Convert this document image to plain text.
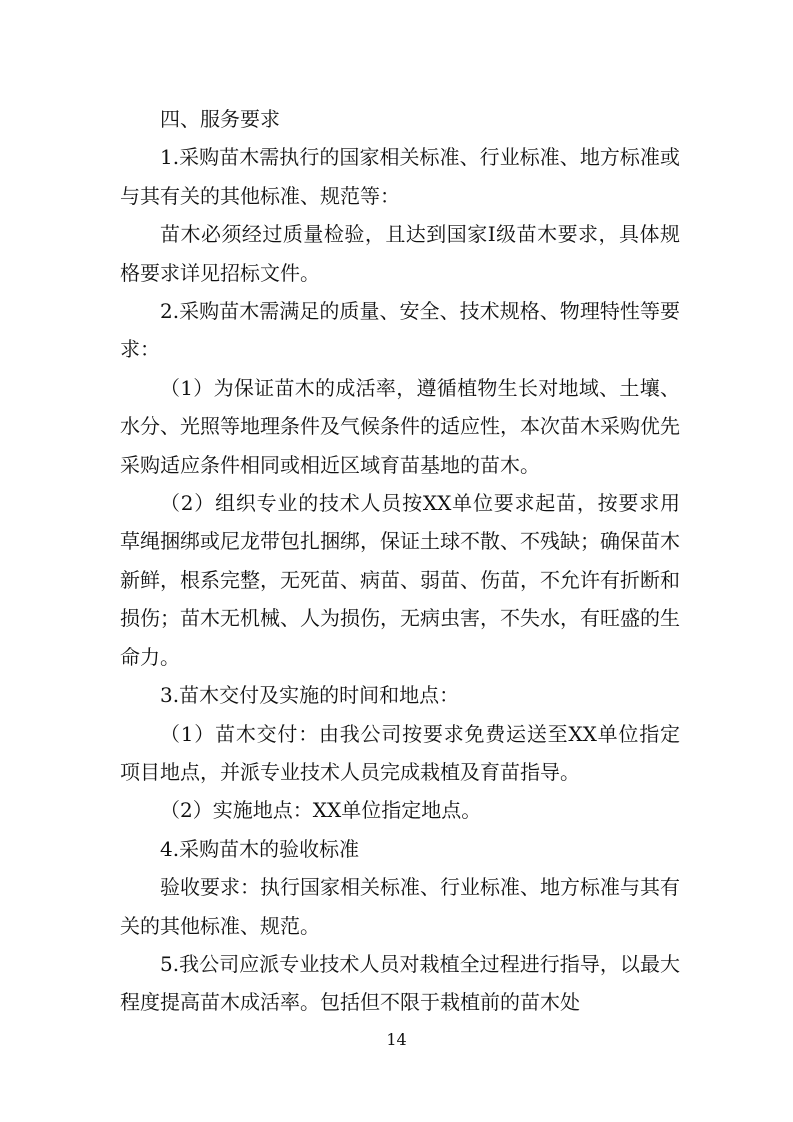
四、服务要求

1.采购苗木需执行的国家相关标准、行业标准、地方标准或与其有关的其他标准、规范等：

苗木必须经过质量检验，且达到国家Ⅰ级苗木要求，具体规格要求详见招标文件。

2.采购苗木需满足的质量、安全、技术规格、物理特性等要求：

（1）为保证苗木的成活率，遵循植物生长对地域、土壤、水分、光照等地理条件及气候条件的适应性，本次苗木采购优先采购适应条件相同或相近区域育苗基地的苗木。

（2）组织专业的技术人员按XX单位要求起苗，按要求用草绳捆绑或尼龙带包扎捆绑，保证土球不散、不残缺；确保苗木新鲜，根系完整，无死苗、病苗、弱苗、伤苗，不允许有折断和损伤；苗木无机械、人为损伤，无病虫害，不失水，有旺盛的生命力。

3.苗木交付及实施的时间和地点：

（1）苗木交付：由我公司按要求免费运送至XX单位指定项目地点，并派专业技术人员完成栽植及育苗指导。

（2）实施地点：XX单位指定地点。

4.采购苗木的验收标准

验收要求：执行国家相关标准、行业标准、地方标准与其有关的其他标准、规范。

5.我公司应派专业技术人员对栽植全过程进行指导，以最大程度提高苗木成活率。包括但不限于栽植前的苗木处

14
